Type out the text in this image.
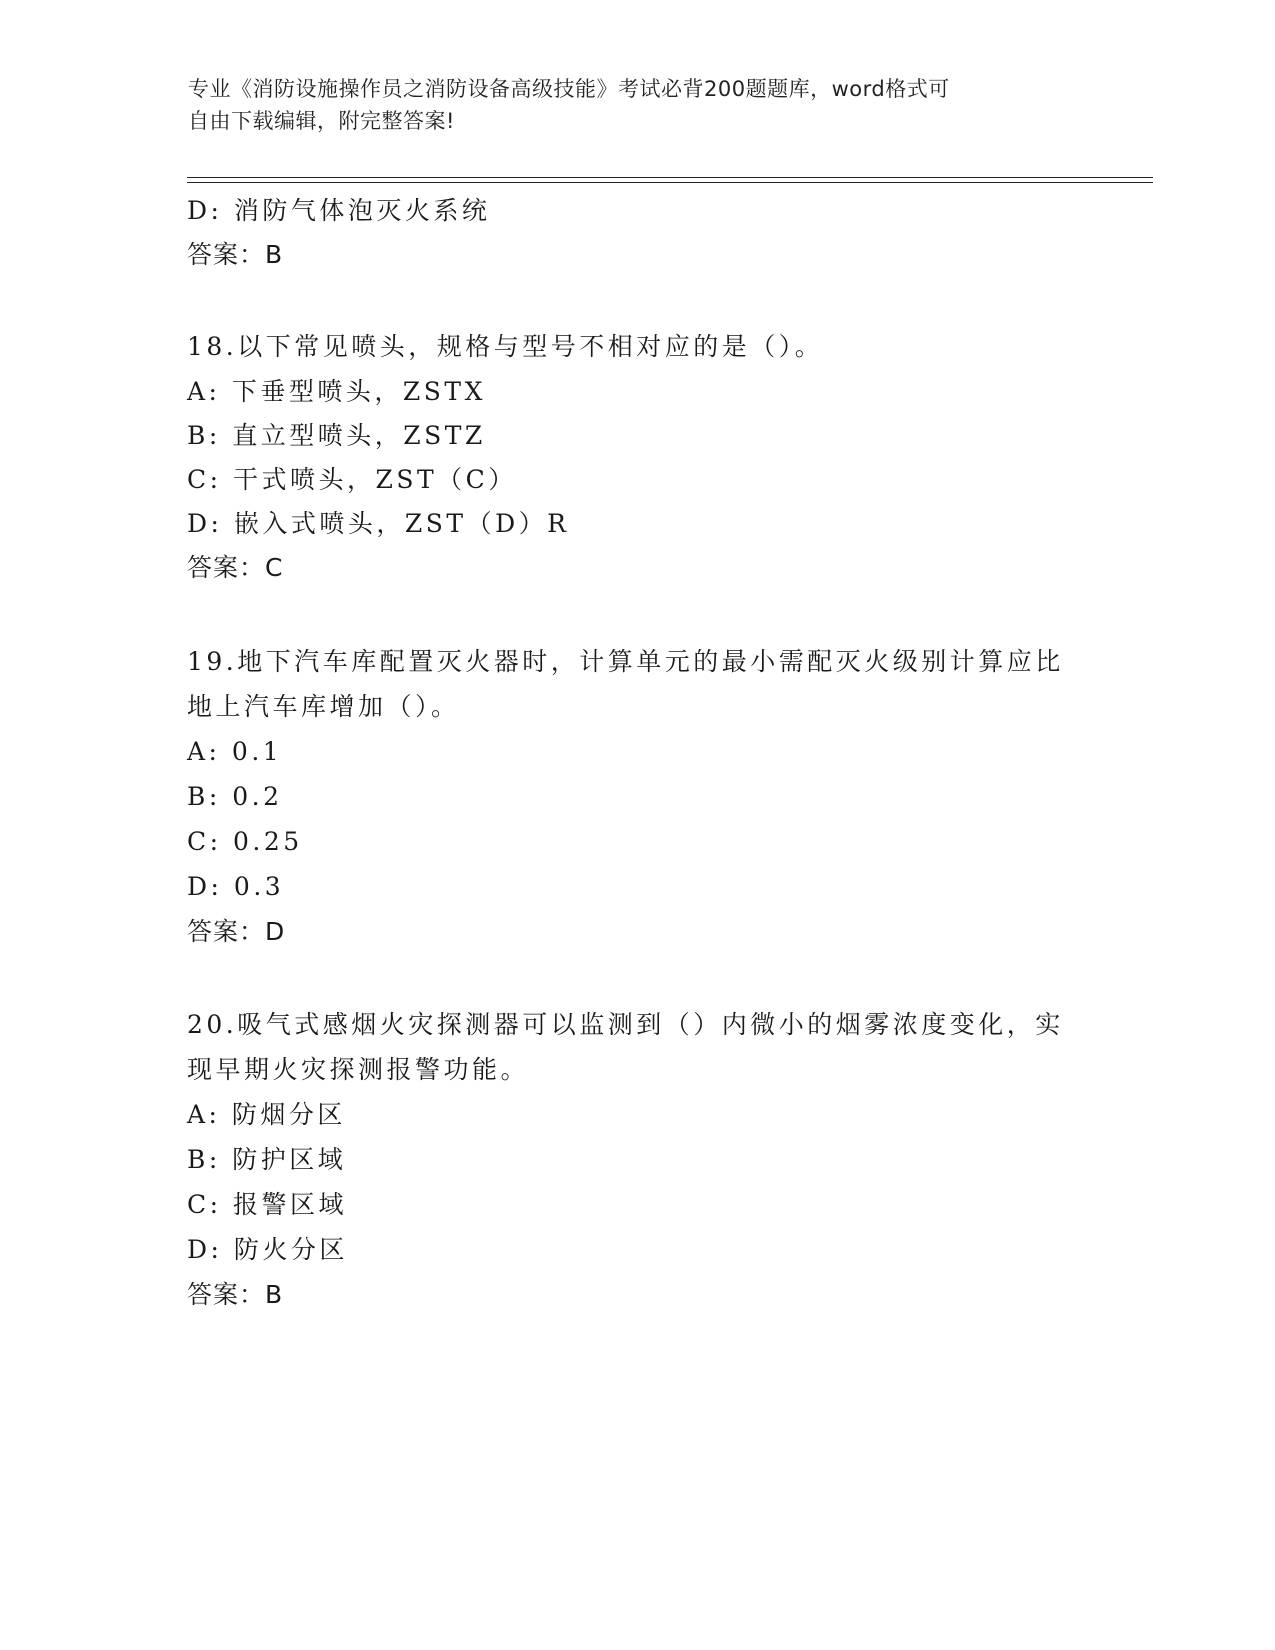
专业《消防设施操作员之消防设备高级技能》考试必背200题题库，word格式可
自由下载编辑，附完整答案!
D: 消防气体泡灭火系统
答案：B
18.以下常见喷头，规格与型号不相对应的是（）。
A: 下垂型喷头，ZSTX
B: 直立型喷头，ZSTZ
C: 干式喷头，ZST（C）
D: 嵌入式喷头，ZST（D）R
答案：C
19.地下汽车库配置灭火器时，计算单元的最小需配灭火级别计算应比
地上汽车库增加（）。
A: 0.1
B: 0.2
C: 0.25
D: 0.3
答案：D
20.吸气式感烟火灾探测器可以监测到（）内微小的烟雾浓度变化，实
现早期火灾探测报警功能。
A: 防烟分区
B: 防护区域
C: 报警区域
D: 防火分区
答案：B
